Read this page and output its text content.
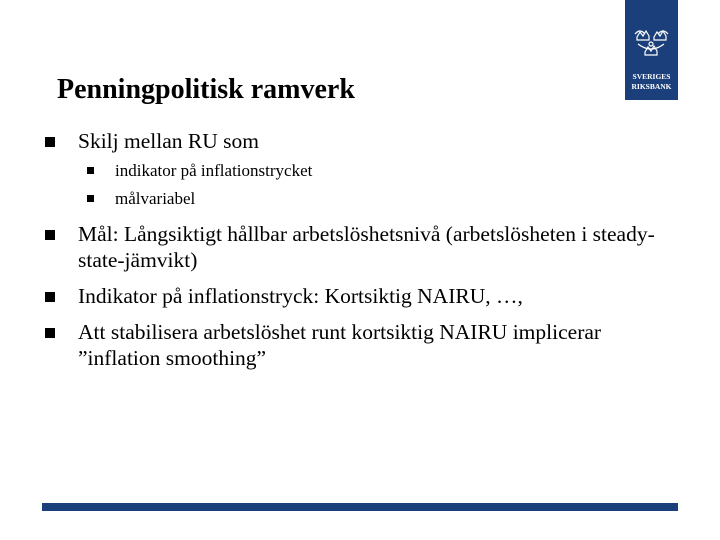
SVERIGES
RIKSBANK
Penningpolitisk ramverk
Skilj mellan RU som
indikator på inflationstrycket
målvariabel
Mål: Långsiktigt hållbar arbetslöshetsnivå (arbetslösheten i steady-state-jämvikt)
Indikator på inflationstryck: Kortsiktig NAIRU, …,
Att stabilisera arbetslöshet runt kortsiktig NAIRU implicerar ”inflation smoothing”
